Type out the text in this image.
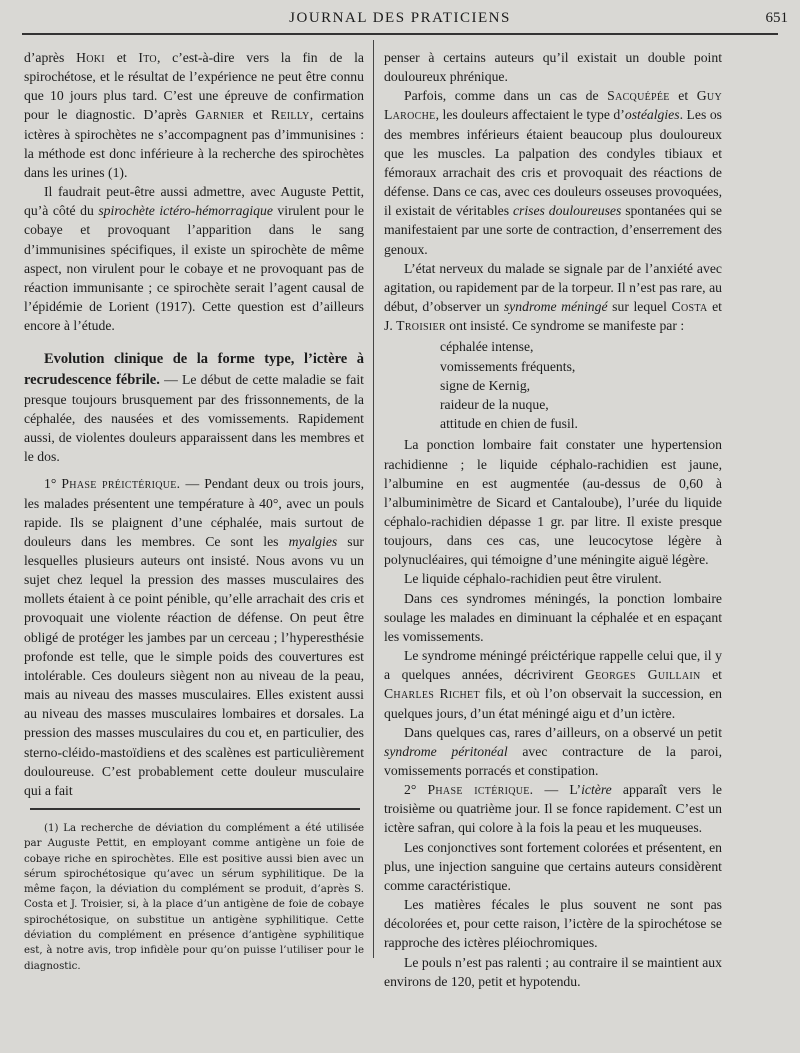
JOURNAL DES PRATICIENS	651

d’après Hoki et Ito, c’est-à-dire vers la fin de la spirochétose, et le résultat de l’expérience ne peut être connu que 10 jours plus tard. C’est une épreuve de confirmation pour le diagnostic. D’après Garnier et Reilly, certains ictères à spirochètes ne s’accompagnent pas d’immunisines : la méthode est donc inférieure à la recherche des spirochètes dans les urines (1).

Il faudrait peut-être aussi admettre, avec Auguste Pettit, qu’à côté du spirochète ictéro-hémorragique virulent pour le cobaye et provoquant l’apparition dans le sang d’immunisines spécifiques, il existe un spirochète de même aspect, non virulent pour le cobaye et ne provoquant pas de réaction immunisante ; ce spirochète serait l’agent causal de l’épidémie de Lorient (1917). Cette question est d’ailleurs encore à l’étude.

Evolution clinique de la forme type, l’ictère à recrudescence fébrile. — Le début de cette maladie se fait presque toujours brusquement par des frissonnements, de la céphalée, des nausées et des vomissements. Rapidement aussi, de violentes douleurs apparaissent dans les membres et le dos.

1° Phase préictérique. — Pendant deux ou trois jours, les malades présentent une température à 40°, avec un pouls rapide. Ils se plaignent d’une céphalée, mais surtout de douleurs dans les membres. Ce sont les myalgies sur lesquelles plusieurs auteurs ont insisté. Nous avons vu un sujet chez lequel la pression des masses musculaires des mollets étaient à ce point pénible, qu’elle arrachait des cris et provoquait une violente réaction de défense. On peut être obligé de protéger les jambes par un cerceau ; l’hyperesthésie profonde est telle, que le simple poids des couvertures est intolérable. Ces douleurs siègent non au niveau de la peau, mais au niveau des masses musculaires. Elles existent aussi au niveau des masses musculaires lombaires et dorsales. La pression des masses musculaires du cou et, en particulier, des sterno-cléido-mastoïdiens et des scalènes est particulièrement douloureuse. C’est probablement cette douleur musculaire qui a fait

(1) La recherche de déviation du complément a été utilisée par Auguste Pettit, en employant comme antigène un foie de cobaye riche en spirochètes. Elle est positive aussi bien avec un sérum spirochétosique qu’avec un sérum syphilitique. De la même façon, la déviation du complément se produit, d’après S. Costa et J. Troisier, si, à la place d’un antigène de foie de cobaye spirochétosique, on substitue un antigène syphilitique. Cette déviation du complément en présence d’antigène syphilitique est, à notre avis, trop infidèle pour qu’on puisse l’utiliser pour le diagnostic.

penser à certains auteurs qu’il existait un double point douloureux phrénique.

Parfois, comme dans un cas de Sacquépée et Guy Laroche, les douleurs affectaient le type d’ostéalgies. Les os des membres inférieurs étaient beaucoup plus douloureux que les muscles. La palpation des condyles tibiaux et fémoraux arrachait des cris et provoquait des réactions de défense. Dans ce cas, avec ces douleurs osseuses provoquées, il existait de véritables crises douloureuses spontanées qui se manifestaient par une sorte de contraction, d’enserrement des genoux.

L’état nerveux du malade se signale par de l’anxiété avec agitation, ou rapidement par de la torpeur. Il n’est pas rare, au début, d’observer un syndrome méningé sur lequel Costa et J. Troisier ont insisté. Ce syndrome se manifeste par :

céphalée intense,
vomissements fréquents,
signe de Kernig,
raideur de la nuque,
attitude en chien de fusil.

La ponction lombaire fait constater une hypertension rachidienne ; le liquide céphalo-rachidien est jaune, l’albumine en est augmentée (au-dessus de 0,60 à l’albuminimètre de Sicard et Cantaloube), l’urée du liquide céphalo-rachidien dépasse 1 gr. par litre. Il existe presque toujours, dans ces cas, une leucocytose légère à polynucléaires, qui témoigne d’une méningite aiguë légère.

Le liquide céphalo-rachidien peut être virulent.

Dans ces syndromes méningés, la ponction lombaire soulage les malades en diminuant la céphalée et en espaçant les vomissements.

Le syndrome méningé préictérique rappelle celui que, il y a quelques années, décrivirent Georges Guillain et Charles Richet fils, et où l’on observait la succession, en quelques jours, d’un état méningé aigu et d’un ictère.

Dans quelques cas, rares d’ailleurs, on a observé un petit syndrome péritonéal avec contracture de la paroi, vomissements porracés et constipation.

2° Phase ictérique. — L’ictère apparaît vers le troisième ou quatrième jour. Il se fonce rapidement. C’est un ictère safran, qui colore à la fois la peau et les muqueuses.

Les conjonctives sont fortement colorées et présentent, en plus, une injection sanguine que certains auteurs considèrent comme caractéristique.

Les matières fécales le plus souvent ne sont pas décolorées et, pour cette raison, l’ictère de la spirochétose se rapproche des ictères pléiochromiques.

Le pouls n’est pas ralenti ; au contraire il se maintient aux environs de 120, petit et hypotendu.
